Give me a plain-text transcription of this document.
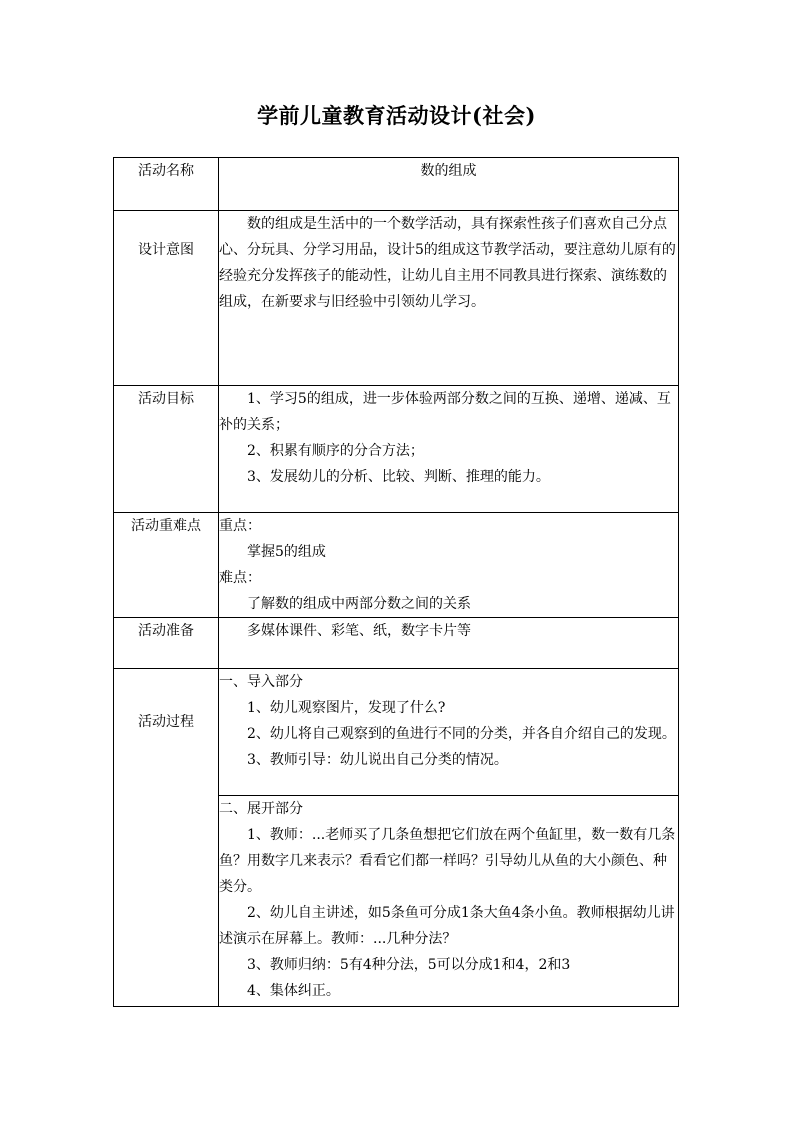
学前儿童教育活动设计(社会)
活动名称	数的组成
设计意图	数的组成是生活中的一个数学活动，具有探索性孩子们喜欢自己分点心、分玩具、分学习用品，设计5的组成这节教学活动，要注意幼儿原有的经验充分发挥孩子的能动性，让幼儿自主用不同教具进行探索、演练数的组成，在新要求与旧经验中引领幼儿学习。

活动目标	1、学习5的组成，进一步体验两部分数之间的互换、递增、递减、互补的关系；

2、积累有顺序的分合方法；

3、发展幼儿的分析、比较、判断、推理的能力。

活动重难点	重点：

掌握5的组成

难点：

了解数的组成中两部分数之间的关系

活动准备	多媒体课件、彩笔、纸，数字卡片等

活动过程	一、导入部分

1、幼儿观察图片，发现了什么?

2、幼儿将自己观察到的鱼进行不同的分类，并各自介绍自己的发现。

3、教师引导：幼儿说出自己分类的情况。

	二、展开部分

1、教师：...老师买了几条鱼想把它们放在两个鱼缸里，数一数有几条鱼？用数字几来表示？看看它们都一样吗？引导幼儿从鱼的大小颜色、种类分。

2、幼儿自主讲述，如5条鱼可分成1条大鱼4条小鱼。教师根据幼儿讲述演示在屏幕上。教师：...几种分法？

3、教师归纳：5有4种分法，5可以分成1和4，2和3

4、集体纠正。
